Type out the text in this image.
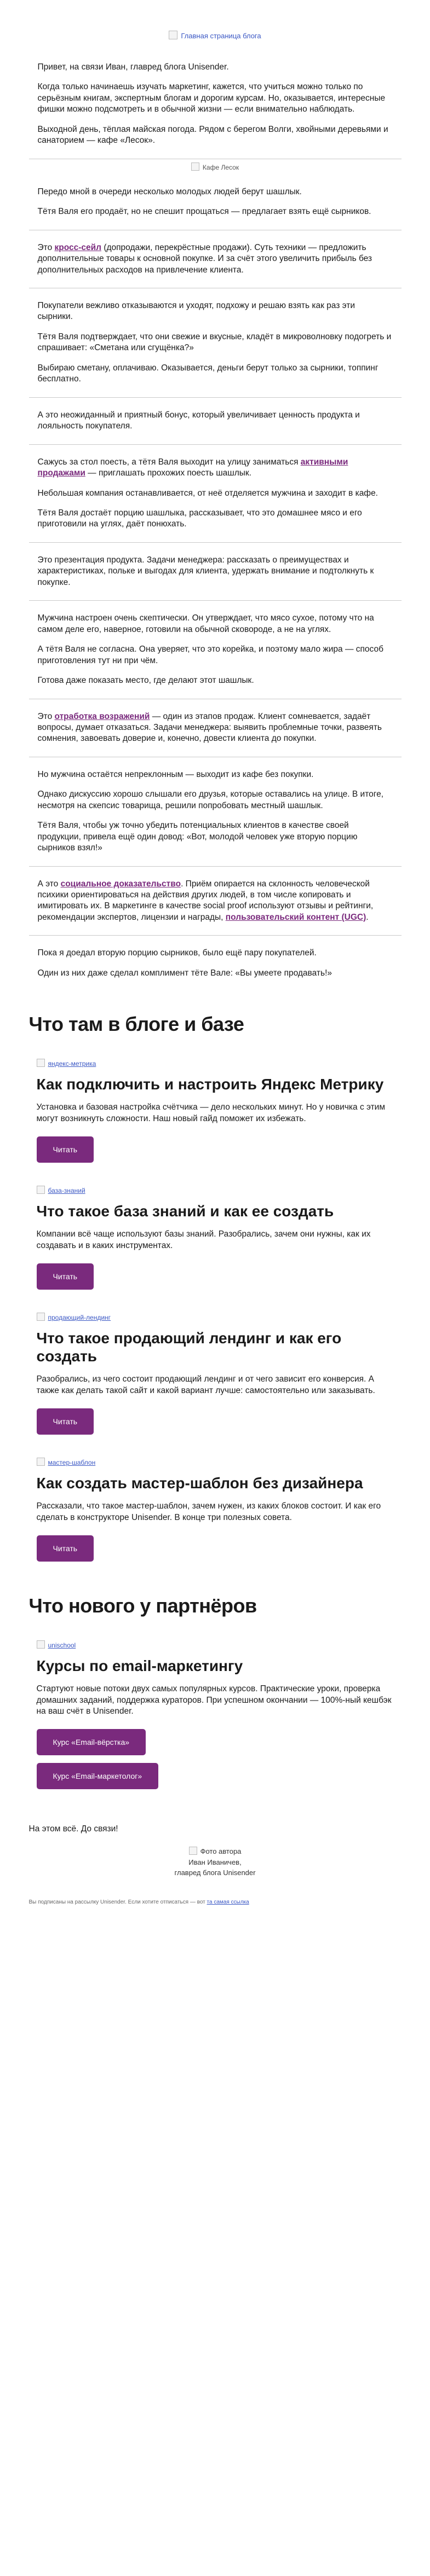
Главная страница блога

Привет, на связи Иван, главред блога Unisender.

Когда только начинаешь изучать маркетинг, кажется, что учиться можно только по серьёзным книгам, экспертным блогам и дорогим курсам. Но, оказывается, интересные фишки можно подсмотреть и в обычной жизни — если внимательно наблюдать.

Выходной день, тёплая майская погода. Рядом с берегом Волги, хвойными деревьями и санаторием — кафе «Лесок».

Кафе Лесок

Передо мной в очереди несколько молодых людей берут шашлык.

Тётя Валя его продаёт, но не спешит прощаться — предлагает взять ещё сырников.

Это кросс-сейл (допродажи, перекрёстные продажи). Суть техники — предложить дополнительные товары к основной покупке. И за счёт этого увеличить прибыль без дополнительных расходов на привлечение клиента.

Покупатели вежливо отказываются и уходят, подхожу и решаю взять как раз эти сырники.

Тётя Валя подтверждает, что они свежие и вкусные, кладёт в микроволновку подогреть и спрашивает: «Сметана или сгущёнка?»

Выбираю сметану, оплачиваю. Оказывается, деньги берут только за сырники, топпинг бесплатно.

А это неожиданный и приятный бонус, который увеличивает ценность продукта и лояльность покупателя.

Сажусь за стол поесть, а тётя Валя выходит на улицу заниматься активными продажами — приглашать прохожих поесть шашлык.

Небольшая компания останавливается, от неё отделяется мужчина и заходит в кафе.

Тётя Валя достаёт порцию шашлыка, рассказывает, что это домашнее мясо и его приготовили на углях, даёт понюхать.

Это презентация продукта. Задачи менеджера: рассказать о преимуществах и характеристиках, польке и выгодах для клиента, удержать внимание и подтолкнуть к покупке.

Мужчина настроен очень скептически. Он утверждает, что мясо сухое, потому что на самом деле его, наверное, готовили на обычной сковороде, а не на углях.

А тётя Валя не согласна. Она уверяет, что это корейка, и поэтому мало жира — способ приготовления тут ни при чём.

Готова даже показать место, где делают этот шашлык.

Это отработка возражений — один из этапов продаж. Клиент сомневается, задаёт вопросы, думает отказаться. Задачи менеджера: выявить проблемные точки, развеять сомнения, завоевать доверие и, конечно, довести клиента до покупки.

Но мужчина остаётся непреклонным — выходит из кафе без покупки.

Однако дискуссию хорошо слышали его друзья, которые оставались на улице. В итоге, несмотря на скепсис товарища, решили попробовать местный шашлык.

Тётя Валя, чтобы уж точно убедить потенциальных клиентов в качестве своей продукции, привела ещё один довод: «Вот, молодой человек уже вторую порцию сырников взял!»

А это социальное доказательство. Приём опирается на склонность человеческой психики ориентироваться на действия других людей, в том числе копировать и имитировать их. В маркетинге в качестве social proof используют отзывы и рейтинги, рекомендации экспертов, лицензии и награды, пользовательский контент (UGC).

Пока я доедал вторую порцию сырников, было ещё пару покупателей.

Один из них даже сделал комплимент тёте Вале: «Вы умеете продавать!»

Что там в блоге и базе
яндекс-метрика
Как подключить и настроить Яндекс Метрику

Установка и базовая настройка счётчика — дело нескольких минут. Но у новичка с этим могут возникнуть сложности. Наш новый гайд поможет их избежать.

Читать
база-знаний
Что такое база знаний и как ее создать

Компании всё чаще используют базы знаний. Разобрались, зачем они нужны, как их создавать и в каких инструментах.

Читать
продающий-лендинг
Что такое продающий лендинг и как его создать

Разобрались, из чего состоит продающий лендинг и от чего зависит его конверсия. А также как делать такой сайт и какой вариант лучше: самостоятельно или заказывать.

Читать
мастер-шаблон
Как создать мастер-шаблон без дизайнера

Рассказали, что такое мастер-шаблон, зачем нужен, из каких блоков состоит. И как его сделать в конструкторе Unisender. В конце три полезных совета.

Читать
Что нового у партнёров
unischool
Курсы по email-маркетингу

Стартуют новые потоки двух самых популярных курсов. Практические уроки, проверка домашних заданий, поддержка кураторов. При успешном окончании — 100%-ный кешбэк на ваш счёт в Unisender.

Курс «Email-вёрстка»
Курс «Email-маркетолог»
На этом всё. До связи!
Фото автора
Иван Иваничев,
главред блога Unisender
Вы подписаны на рассылку Unisender. Если хотите отписаться — вот та самая ссылка
